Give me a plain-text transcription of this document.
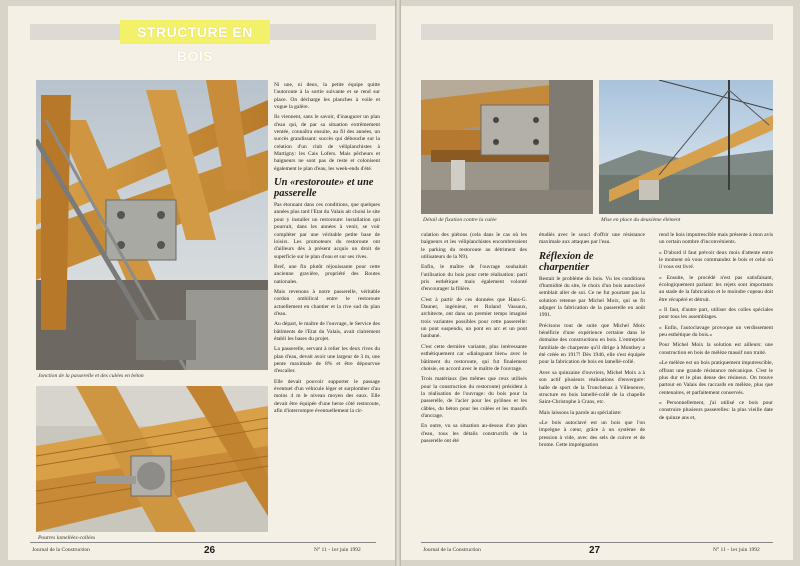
STRUCTURE EN BOIS
Jonction de la passerelle et des culées en béton
Poutres lamellées-collées

Ni une, ni deux, la petite équipe quitte l'autoroute à la sortie suivante et se rend sur place. On décharge les planches à voile et vogue la galère.

Ils viennent, sans le savoir, d'inaugurer un plan d'eau qui, de par sa situation extrêmement ventée, connaîtra ensuite, au fil des années, un succès grandissant: succès qui débouche sur la création d'un club de véliplanchistes à Martigny: les Cais Lofers. Mais pêcheurs et baigneurs ne sont pas de reste et colonisent également le plan d'eau, les week-ends d'été.

Un «restoroute» et une passerelle

Pas étonnant dans ces conditions, que quelques années plus tard l'Etat du Valais ait choisi le site pour y installer un restoroute: installation qui pourrait, dans les années à venir, se voir compléter par une véritable petite base de loisirs. Les promoteurs du restoroute ont d'ailleurs dès à présent acquis un droit de superficie sur le plan d'eau et sur ses rives.

Bref, une fin plutôt réjouissante pour cette ancienne gravière, propriété des Routes nationales.

Mais revenons à notre passerelle, véritable cordon ombilical entre le restoroute actuellement en chantier et la rive sud du plan d'eau.

Au départ, le maître de l'ouvrage, le Service des bâtiments de l'Etat du Valais, avait clairement établi les bases du projet.

La passerelle, servant à relier les deux rives du plan d'eau, devait avoir une largeur de 3 m, une pente maximale de 8% et être dépourvue d'escalier.

Elle devait pouvoir supporter le passage éventuel d'un véhicule léger et surplomber d'au moins 4 m le niveau moyen des eaux. Elle devait être équipée d'une herse côté restoroute, afin d'interrompre éventuellement la cir-

Journal de la Construction	26	N° 11 - 1er juin 1992
Détail de fixation contre la culée	Mise en place du deuxième élément

culation des piétons (cela dans le cas où les baigneurs et les véliplanchistes encombreraient le parking du restoroute au détriment des utilisateurs de la N9).

Enfin, le maître de l'ouvrage souhaitait l'utilisation du bois pour cette réalisation: parti pris esthétique mais également volonté d'encourager la filière.

C'est à partir de ces données que Hans-G. Dauner, ingénieur, et Roland Vassaux, architecte, ont dans un premier temps imaginé trois variantes possibles pour cette passerelle: un pont suspendu, un pont en arc et un pont haubané.

C'est cette dernière variante, plus intéressante esthétiquement car «dialoguant bien» avec le bâtiment du restoroute, qui fut finalement choisie, en accord avec le maître de l'ouvrage.

Trois matériaux (les mêmes que ceux utilisés pour la construction du restoroute) président à la réalisation de l'ouvrage: du bois pour la passerelle, de l'acier pour les pylônes et les câbles, du béton pour les culées et les massifs d'ancrage.

En outre, vu sa situation au-dessus d'un plan d'eau, tous les détails constructifs de la passerelle ont été

étudiés avec le souci d'offrir une résistance maximale aux attaques par l'eau.

Réflexion de charpentier

Restait le problème du bois. Vu les conditions d'humidité du site, le choix d'un bois autoclavé semblait aller de soi. Ce ne fut pourtant pas la solution retenue par Michel Moix, qui se fit adjuger la fabrication de la passerelle en août 1991.

Précisons tout de suite que Michel Moix bénéficie d'une expérience certaine dans le domaine des constructions en bois. L'entreprise familiale de charpente qu'il dirige à Monthey a été créée en 1917! Dès 1946, elle s'est équipée pour la fabrication de bois en lamellé-collé.

Avec sa quinzaine d'ouvriers, Michel Moix a à son actif plusieurs réalisations d'envergure: halle de sport de la Tronchenaz à Villeneuve, structure en bois lamellé-collé de la chapelle Saint-Christophe à Crans, etc.

Mais laissons la parole au spécialiste:

«Le bois autoclavé est un bois que l'on imprègne à cœur, grâce à un système de pression à vide, avec des sels de cuivre et de brome. Cette imprégnation

rend le bois imputrescible mais présente à mon avis un certain nombre d'inconvénients.

» D'abord il faut prévoir deux mois d'attente entre le moment où vous commandez le bois et celui où il vous est livré.

» Ensuite, le procédé n'est pas satisfaisant, écologiquement parlant: les rejets sont importants au stade de la fabrication et le moindre copeau doit être récupéré et détruit.

» Il faut, d'autre part, utiliser des colles spéciales pour tous les assemblages.

» Enfin, l'autoclavage provoque un verdissement peu esthétique du bois.»

Pour Michel Moix la solution est ailleurs: une construction en bois de mélèze massif non traité.

«Le mélèze est un bois pratiquement imputrescible, offrant une grande résistance mécanique. C'est le plus dur et le plus dense des résineux. On trouve partout en Valais des raccards en mélèze, plus que centenaires, et parfaitement conservés.

» Personnellement, j'ai utilisé ce bois pour construire plusieurs passerelles: la plus vieille date de quinze ans et,

Journal de la Construction	27	N° 11 - 1er juin 1992
